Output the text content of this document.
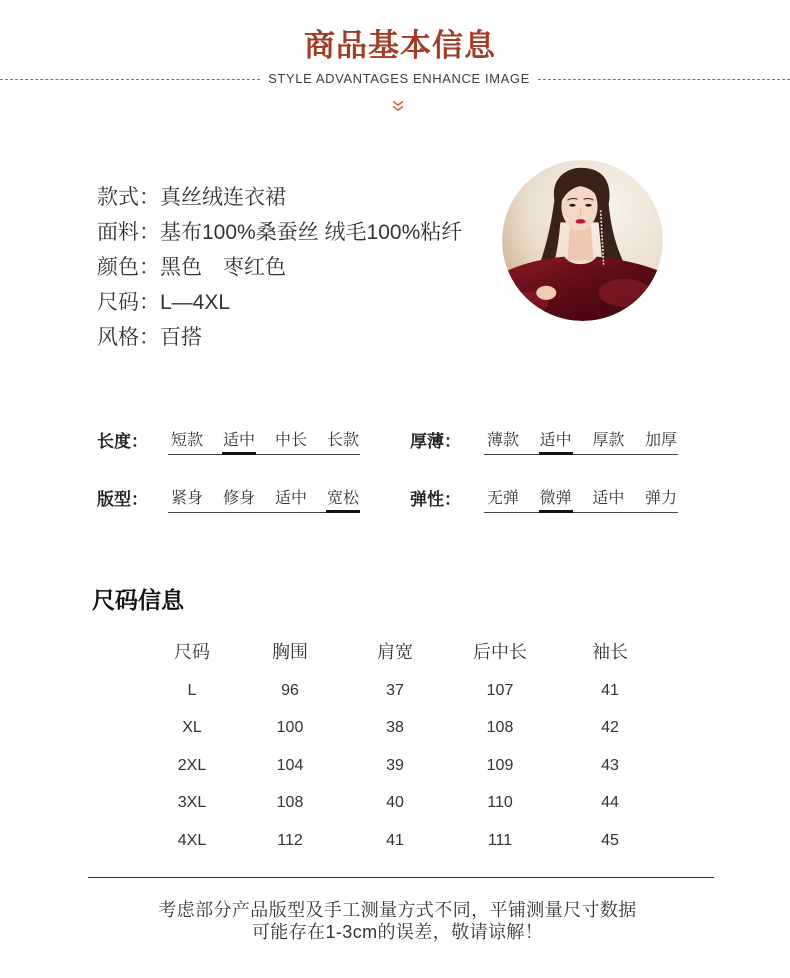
商品基本信息
STYLE ADVANTAGES ENHANCE IMAGE
款式：真丝绒连衣裙
面料：基布100%桑蚕丝 绒毛100%粘纤
颜色：黑色　枣红色
尺码：L—4XL
风格：百搭
长度： 短款 适中 中长 长款	厚薄： 薄款 适中 厚款 加厚
版型： 紧身 修身 适中 宽松	弹性： 无弹 微弹 适中 弹力
尺码信息
尺码	胸围	肩宽	后中长	袖长
L	96	37	107	41
XL	100	38	108	42
2XL	104	39	109	43
3XL	108	40	110	44
4XL	112	41	111	45
考虑部分产品版型及手工测量方式不同，平铺测量尺寸数据
可能存在1-3cm的误差，敬请谅解！
